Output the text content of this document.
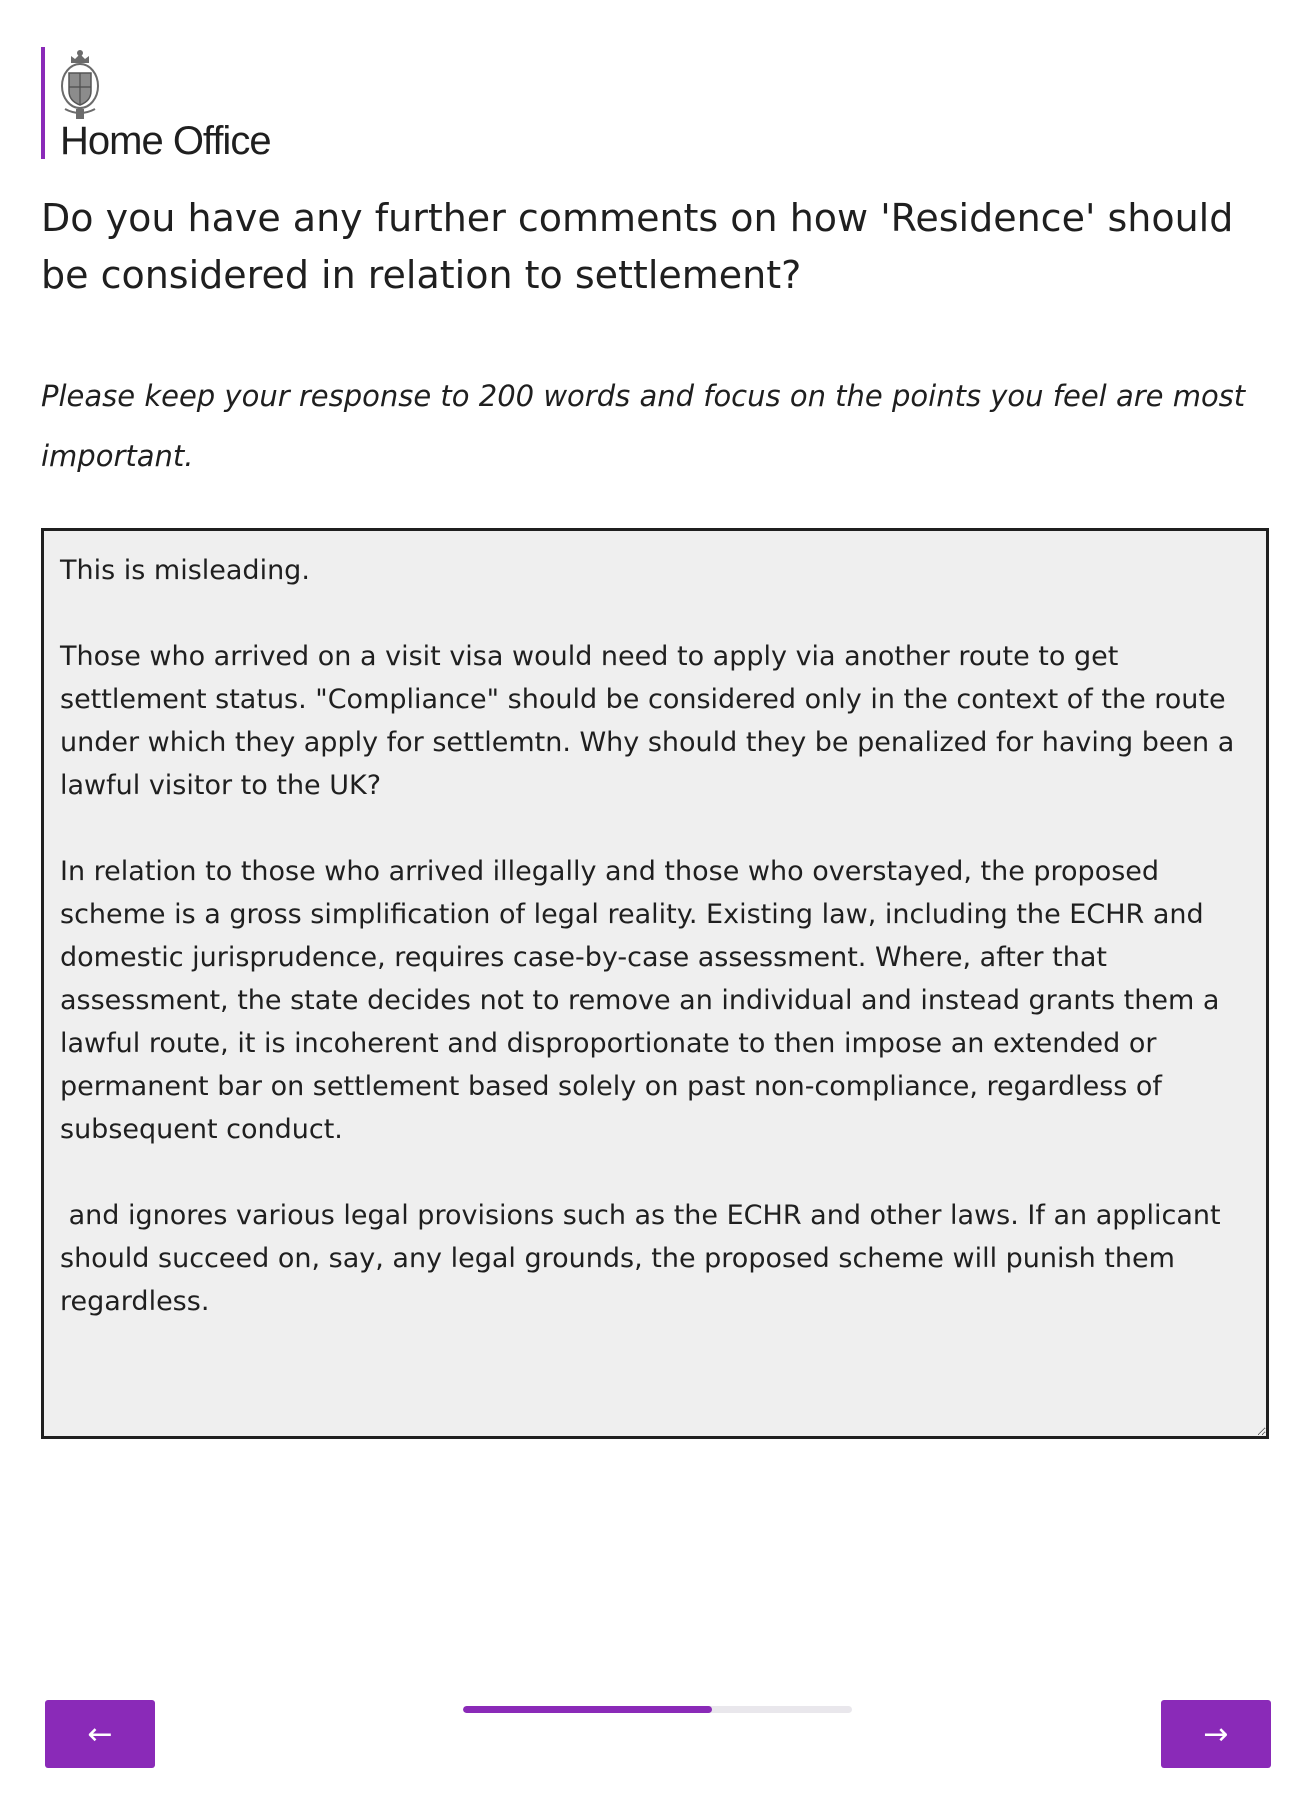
Home Office
Do you have any further comments on how 'Residence' should be considered in relation to settlement?

Please keep your response to 200 words and focus on the points you feel are most important.

This is misleading. Those who arrived on a visit visa would need to apply via another route to get settlement status. "Compliance" should be considered only in the context of the route under which they apply for settlemtn. Why should they be penalized for having been a lawful visitor to the UK? In relation to those who arrived illegally and those who overstayed, the proposed scheme is a gross simplification of legal reality. Existing law, including the ECHR and domestic jurisprudence, requires case-by-case assessment. Where, after that assessment, the state decides not to remove an individual and instead grants them a lawful route, it is incoherent and disproportionate to then impose an extended or permanent bar on settlement based solely on past non-compliance, regardless of subsequent conduct. and ignores various legal provisions such as the ECHR and other laws. If an applicant should succeed on, say, any legal grounds, the proposed scheme will punish them regardless.
←	→
